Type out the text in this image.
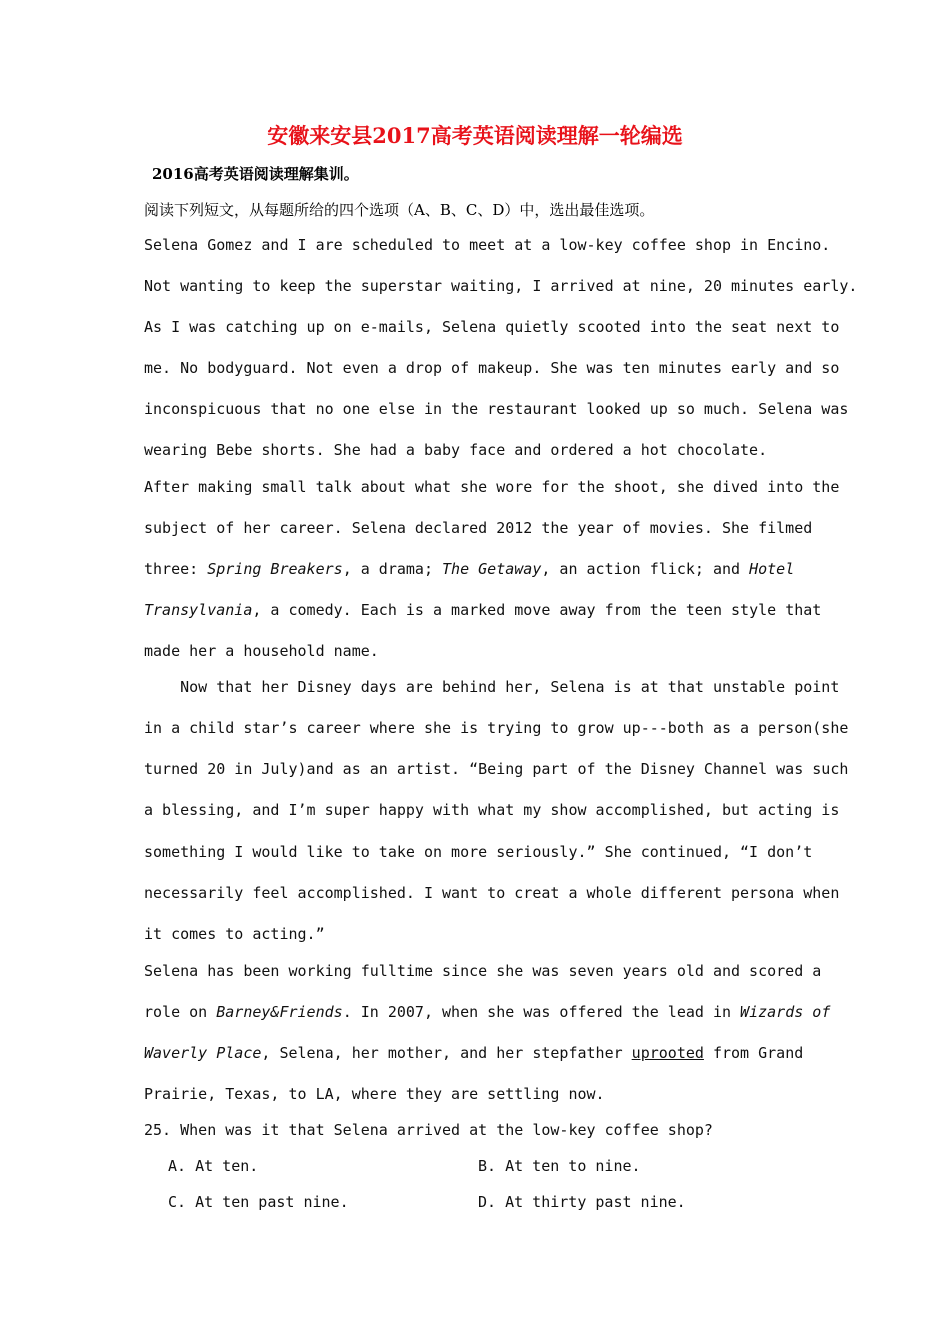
安徽来安县2017高考英语阅读理解一轮编选
2016高考英语阅读理解集训。
阅读下列短文，从每题所给的四个选项（A、B、C、D）中，选出最佳选项。
Selena Gomez and I are scheduled to meet at a low-key coffee shop in Encino.
Not wanting to keep the superstar waiting, I arrived at nine, 20 minutes early.
As I was catching up on e-mails, Selena quietly scooted into the seat next to
me. No bodyguard. Not even a drop of makeup. She was ten minutes early and so
inconspicuous that no one else in the restaurant looked up so much. Selena was
wearing Bebe shorts. She had a baby face and ordered a hot chocolate.
After making small talk about what she wore for the shoot, she dived into the
subject of her career. Selena declared 2012 the year of movies. She filmed
three: Spring Breakers, a drama; The Getaway, an action flick; and Hotel
Transylvania, a comedy. Each is a marked move away from the teen style that
made her a household name.
Now that her Disney days are behind her, Selena is at that unstable point
in a child star’s career where she is trying to grow up---both as a person(she
turned 20 in July)and as an artist. “Being part of the Disney Channel was such
a blessing, and I’m super happy with what my show accomplished, but acting is
something I would like to take on more seriously.” She continued, “I don’t
necessarily feel accomplished. I want to creat a whole different persona when
it comes to acting.”
Selena has been working fulltime since she was seven years old and scored a
role on Barney&Friends. In 2007, when she was offered the lead in Wizards of
Waverly Place, Selena, her mother, and her stepfather uprooted from Grand
Prairie, Texas, to LA, where they are settling now.
25. When was it that Selena arrived at the low-key coffee shop?
A. At ten.	B. At ten to nine.
C. At ten past nine.	D. At thirty past nine.
